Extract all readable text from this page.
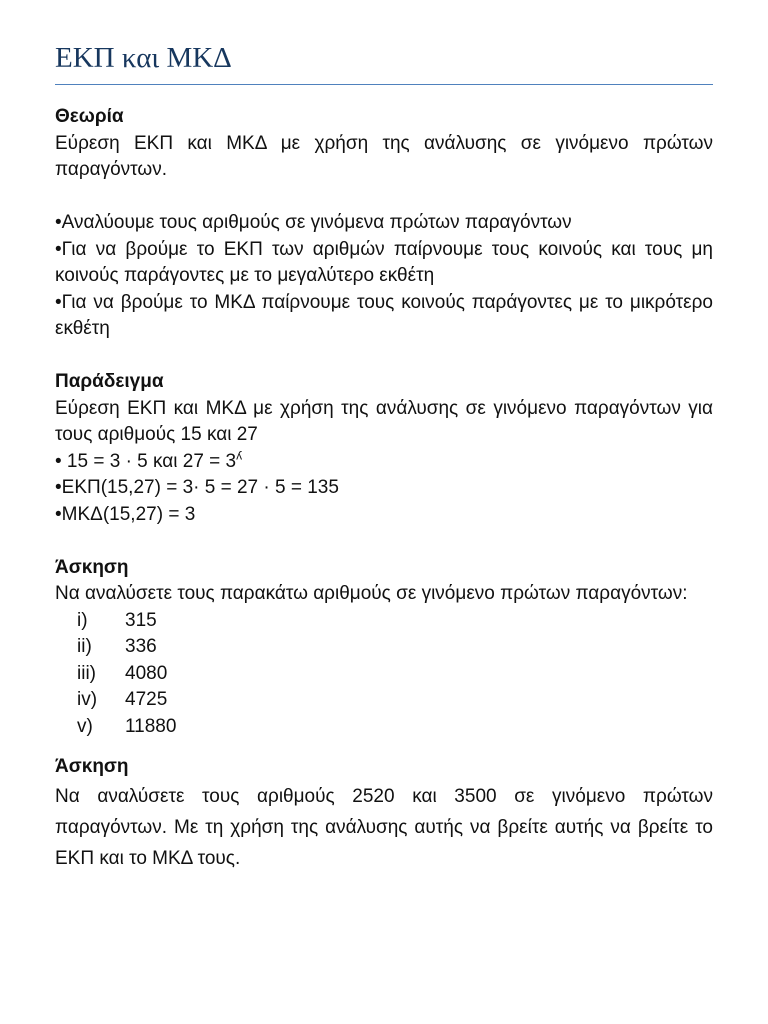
ΕΚΠ και ΜΚΔ

Θεωρία

Εύρεση ΕΚΠ και ΜΚΔ με χρήση της ανάλυσης σε γινόμενο πρώτων παραγόντων.

•Αναλύουμε τους αριθμούς σε γινόμενα πρώτων παραγόντων

•Για να βρούμε το ΕΚΠ των αριθμών παίρνουμε τους κοινούς και τους μη κοινούς παράγοντες με το μεγαλύτερο εκθέτη

•Για να βρούμε το ΜΚΔ παίρνουμε τους κοινούς παράγοντες με το μικρότερο εκθέτη

Παράδειγμα

Εύρεση ΕΚΠ και ΜΚΔ με χρήση της ανάλυσης σε γινόμενο παραγόντων για τους αριθμούς 15 και 27

• 15 = 3 · 5 και $27 = 3^ʎ$

•ΕΚΠ(15,27) = 3· 5 = 27 · 5 = 135

•ΜΚΔ(15,27) = 3

Άσκηση

Να αναλύσετε τους παρακάτω αριθμούς σε γινόμενο πρώτων παραγόντων:

i)	315
ii)	336
iii)	4080
iv)	4725
v)	11880

Άσκηση

Να αναλύσετε τους αριθμούς 2520 και 3500 σε γινόμενο πρώτων παραγόντων. Με τη χρήση της ανάλυσης αυτής να βρείτε αυτής να βρείτε το ΕΚΠ και το ΜΚΔ τους.
